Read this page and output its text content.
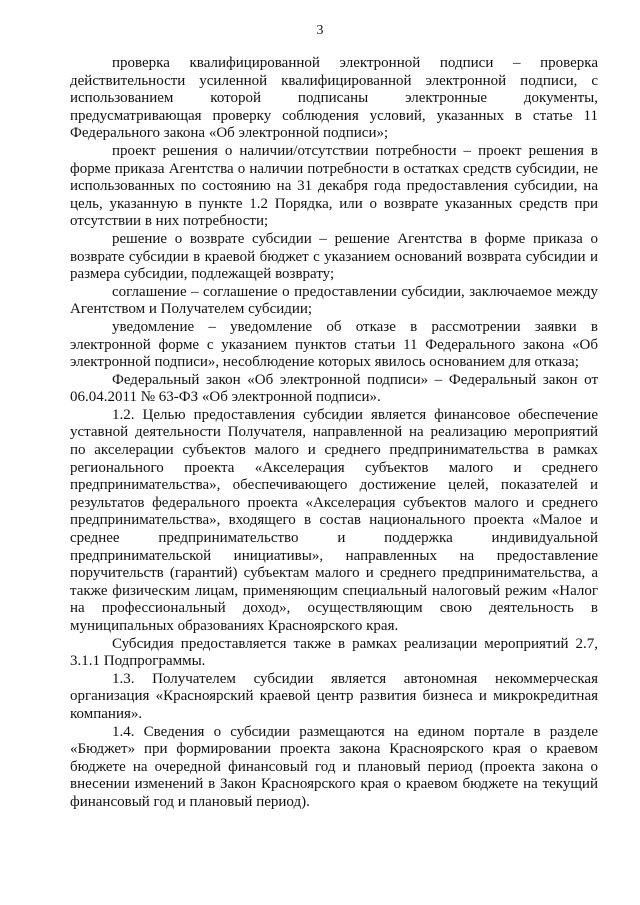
3

проверка квалифицированной электронной подписи – проверка действительности усиленной квалифицированной электронной подписи, с использованием которой подписаны электронные документы, предусматривающая проверку соблюдения условий, указанных в статье 11 Федерального закона «Об электронной подписи»;

проект решения о наличии/отсутствии потребности – проект решения в форме приказа Агентства о наличии потребности в остатках средств субсидии, не использованных по состоянию на 31 декабря года предоставления субсидии, на цель, указанную в пункте 1.2 Порядка, или о возврате указанных средств при отсутствии в них потребности;

решение о возврате субсидии – решение Агентства в форме приказа о возврате субсидии в краевой бюджет с указанием оснований возврата субсидии и размера субсидии, подлежащей возврату;

соглашение – соглашение о предоставлении субсидии, заключаемое между Агентством и Получателем субсидии;

уведомление – уведомление об отказе в рассмотрении заявки в электронной форме с указанием пунктов статьи 11 Федерального закона «Об электронной подписи», несоблюдение которых явилось основанием для отказа;

Федеральный закон «Об электронной подписи» – Федеральный закон от 06.04.2011 № 63-ФЗ «Об электронной подписи».

1.2. Целью предоставления субсидии является финансовое обеспечение уставной деятельности Получателя, направленной на реализацию мероприятий по акселерации субъектов малого и среднего предпринимательства в рамках регионального проекта «Акселерация субъектов малого и среднего предпринимательства», обеспечивающего достижение целей, показателей и результатов федерального проекта «Акселерация субъектов малого и среднего предпринимательства», входящего в состав национального проекта «Малое и среднее предпринимательство и поддержка индивидуальной предпринимательской инициативы», направленных на предоставление поручительств (гарантий) субъектам малого и среднего предпринимательства, а также физическим лицам, применяющим специальный налоговый режим «Налог на профессиональный доход», осуществляющим свою деятельность в муниципальных образованиях Красноярского края.

Субсидия предоставляется также в рамках реализации мероприятий 2.7, 3.1.1 Подпрограммы.

1.3. Получателем субсидии является автономная некоммерческая организация «Красноярский краевой центр развития бизнеса и микрокредитная компания».

1.4. Сведения о субсидии размещаются на едином портале в разделе «Бюджет» при формировании проекта закона Красноярского края о краевом бюджете на очередной финансовый год и плановый период (проекта закона о внесении изменений в Закон Красноярского края о краевом бюджете на текущий финансовый год и плановый период).
